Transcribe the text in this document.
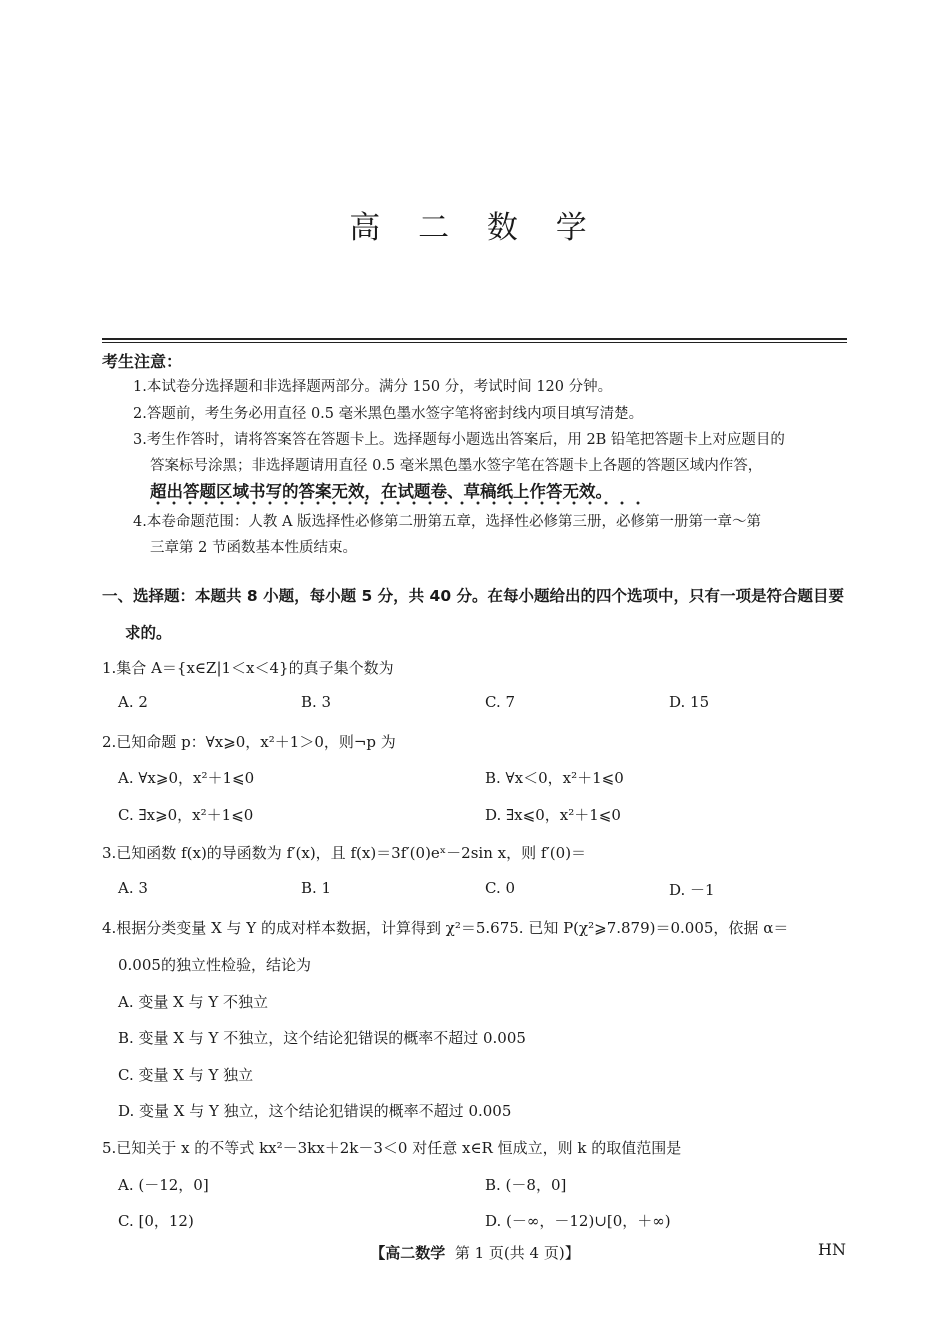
高 二 数 学
考生注意：
1.本试卷分选择题和非选择题两部分。满分 150 分，考试时间 120 分钟。
2.答题前，考生务必用直径 0.5 毫米黑色墨水签字笔将密封线内项目填写清楚。
3.考生作答时，请将答案答在答题卡上。选择题每小题选出答案后，用 2B 铅笔把答题卡上对应题目的
答案标号涂黑；非选择题请用直径 0.5 毫米黑色墨水签字笔在答题卡上各题的答题区域内作答，
超出答题区域书写的答案无效，在试题卷、草稿纸上作答无效。
4.本卷命题范围：人教 A 版选择性必修第二册第五章，选择性必修第三册，必修第一册第一章～第
三章第 2 节函数基本性质结束。
一、选择题：本题共 8 小题，每小题 5 分，共 40 分。在每小题给出的四个选项中，只有一项是符合题目要
求的。
1.集合 A＝{x∈Z|1＜x＜4}的真子集个数为
A. 2	B. 3	C. 7	D. 15
2.已知命题 p：∀x⩾0，x²＋1＞0，则¬p 为
A. ∀x⩾0，x²＋1⩽0	B. ∀x＜0，x²＋1⩽0
C. ∃x⩾0，x²＋1⩽0	D. ∃x⩽0，x²＋1⩽0
3.已知函数 f(x)的导函数为 f′(x)，且 f(x)＝3f′(0)eˣ－2sin x，则 f′(0)＝
A. 3	B. 1	C. 0	D. －1
4.根据分类变量 X 与 Y 的成对样本数据，计算得到 χ²＝5.675. 已知 P(χ²⩾7.879)＝0.005，依据 α＝
0.005的独立性检验，结论为
A. 变量 X 与 Y 不独立
B. 变量 X 与 Y 不独立，这个结论犯错误的概率不超过 0.005
C. 变量 X 与 Y 独立
D. 变量 X 与 Y 独立，这个结论犯错误的概率不超过 0.005
5.已知关于 x 的不等式 kx²－3kx＋2k－3＜0 对任意 x∈R 恒成立，则 k 的取值范围是
A. (－12，0]	B. (－8，0]
C. [0，12)	D. (－∞，－12)∪[0，＋∞)
【高二数学 第 1 页(共 4 页)】	HN
